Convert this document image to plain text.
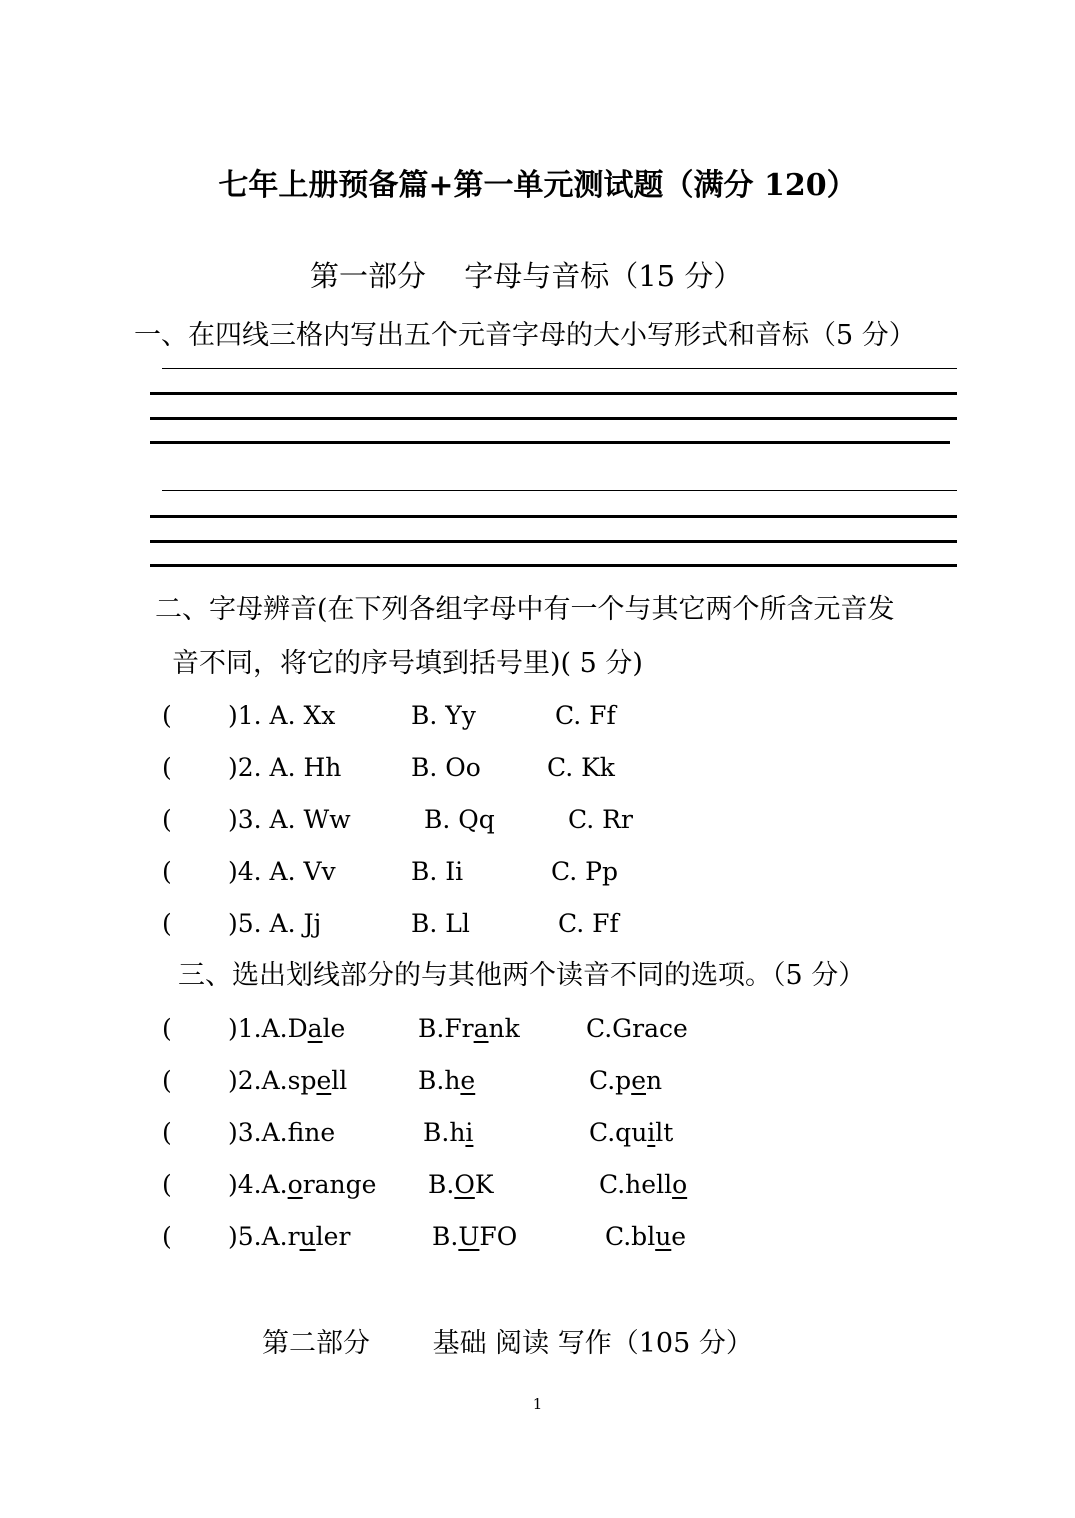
七年上册预备篇+第一单元测试题（满分 120）
第一部分　 字母与音标（15 分）
一、在四线三格内写出五个元音字母的大小写形式和音标（5 分）
二、字母辨音(在下列各组字母中有一个与其它两个所含元音发
音不同，将它的序号填到括号里)( 5 分)
( )1. A. Xx	B. Yy	C. Ff
( )2. A. Hh	B. Oo	C. Kk
( )3. A. Ww	B. Qq	C. Rr
( )4. A. Vv	B. Ii	C. Pp
( )5. A. Jj	B. Ll	C. Ff
三、选出划线部分的与其他两个读音不同的选项。（5 分）
( )1.A.Dale	B.Frank	C.Grace
( )2.A.spell	B.he	C.pen
( )3.A.fne	B.hi	C.quilt
( )4.A.orange B.OK	C.hello
( )5.A.ruler	B.UFO	C.blue
第二部分　　 基础 阅读 写作（105 分）
1
